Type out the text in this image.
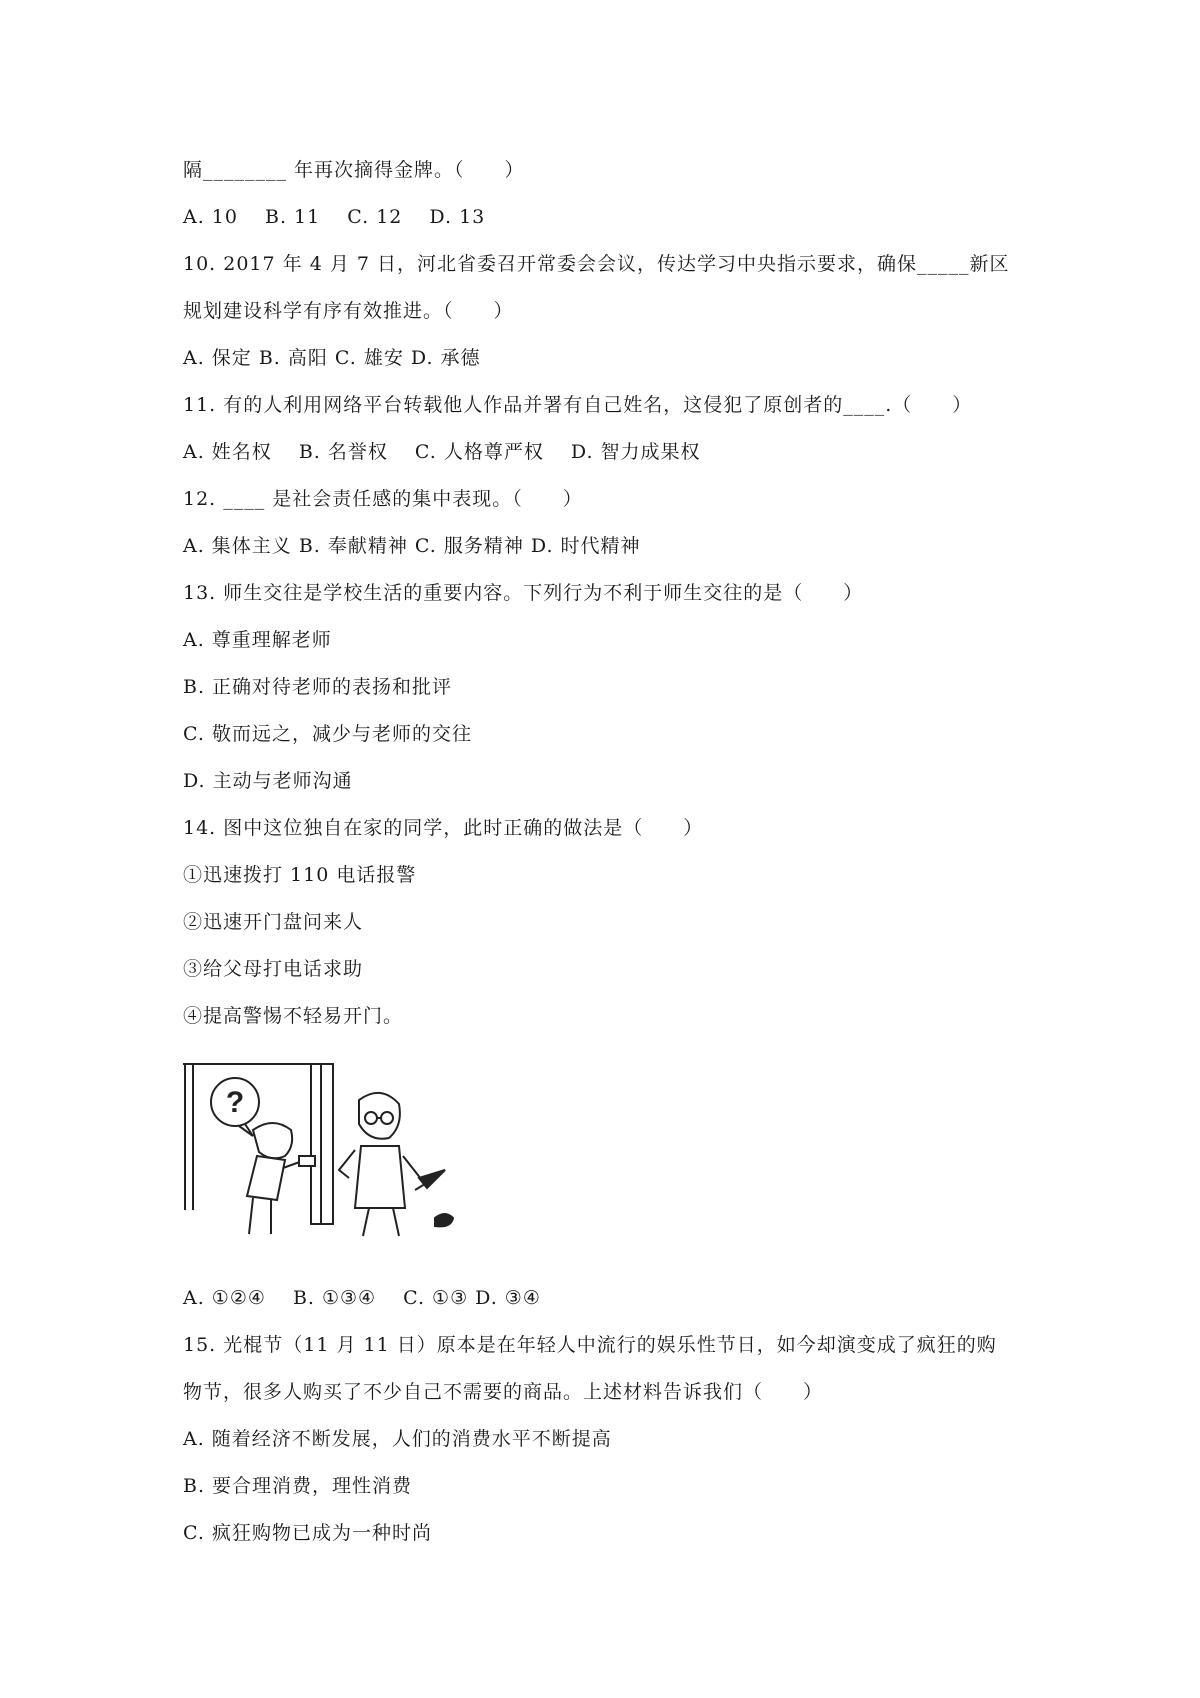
隔________ 年再次摘得金牌。（　　）
A. 10　 B. 11　 C. 12　 D. 13
10. 2017 年 4 月 7 日，河北省委召开常委会会议，传达学习中央指示要求，确保_____新区
规划建设科学有序有效推进。（　　）
A. 保定 B. 高阳 C. 雄安 D. 承德
11. 有的人利用网络平台转载他人作品并署有自己姓名，这侵犯了原创者的____.（　　）
A. 姓名权　 B. 名誉权　 C. 人格尊严权　 D. 智力成果权
12. ____ 是社会责任感的集中表现。（　　）
A. 集体主义 B. 奉献精神 C. 服务精神 D. 时代精神
13. 师生交往是学校生活的重要内容。下列行为不利于师生交往的是（　　）
A. 尊重理解老师
B. 正确对待老师的表扬和批评
C. 敬而远之，减少与老师的交往
D. 主动与老师沟通
14. 图中这位独自在家的同学，此时正确的做法是（　　）
①迅速拨打 110 电话报警
②迅速开门盘问来人
③给父母打电话求助
④提高警惕不轻易开门。
?
A. ①②④　 B. ①③④　 C. ①③ D. ③④
15. 光棍节（11 月 11 日）原本是在年轻人中流行的娱乐性节日，如今却演变成了疯狂的购
物节，很多人购买了不少自己不需要的商品。上述材料告诉我们（　　）
A. 随着经济不断发展，人们的消费水平不断提高
B. 要合理消费，理性消费
C. 疯狂购物已成为一种时尚
